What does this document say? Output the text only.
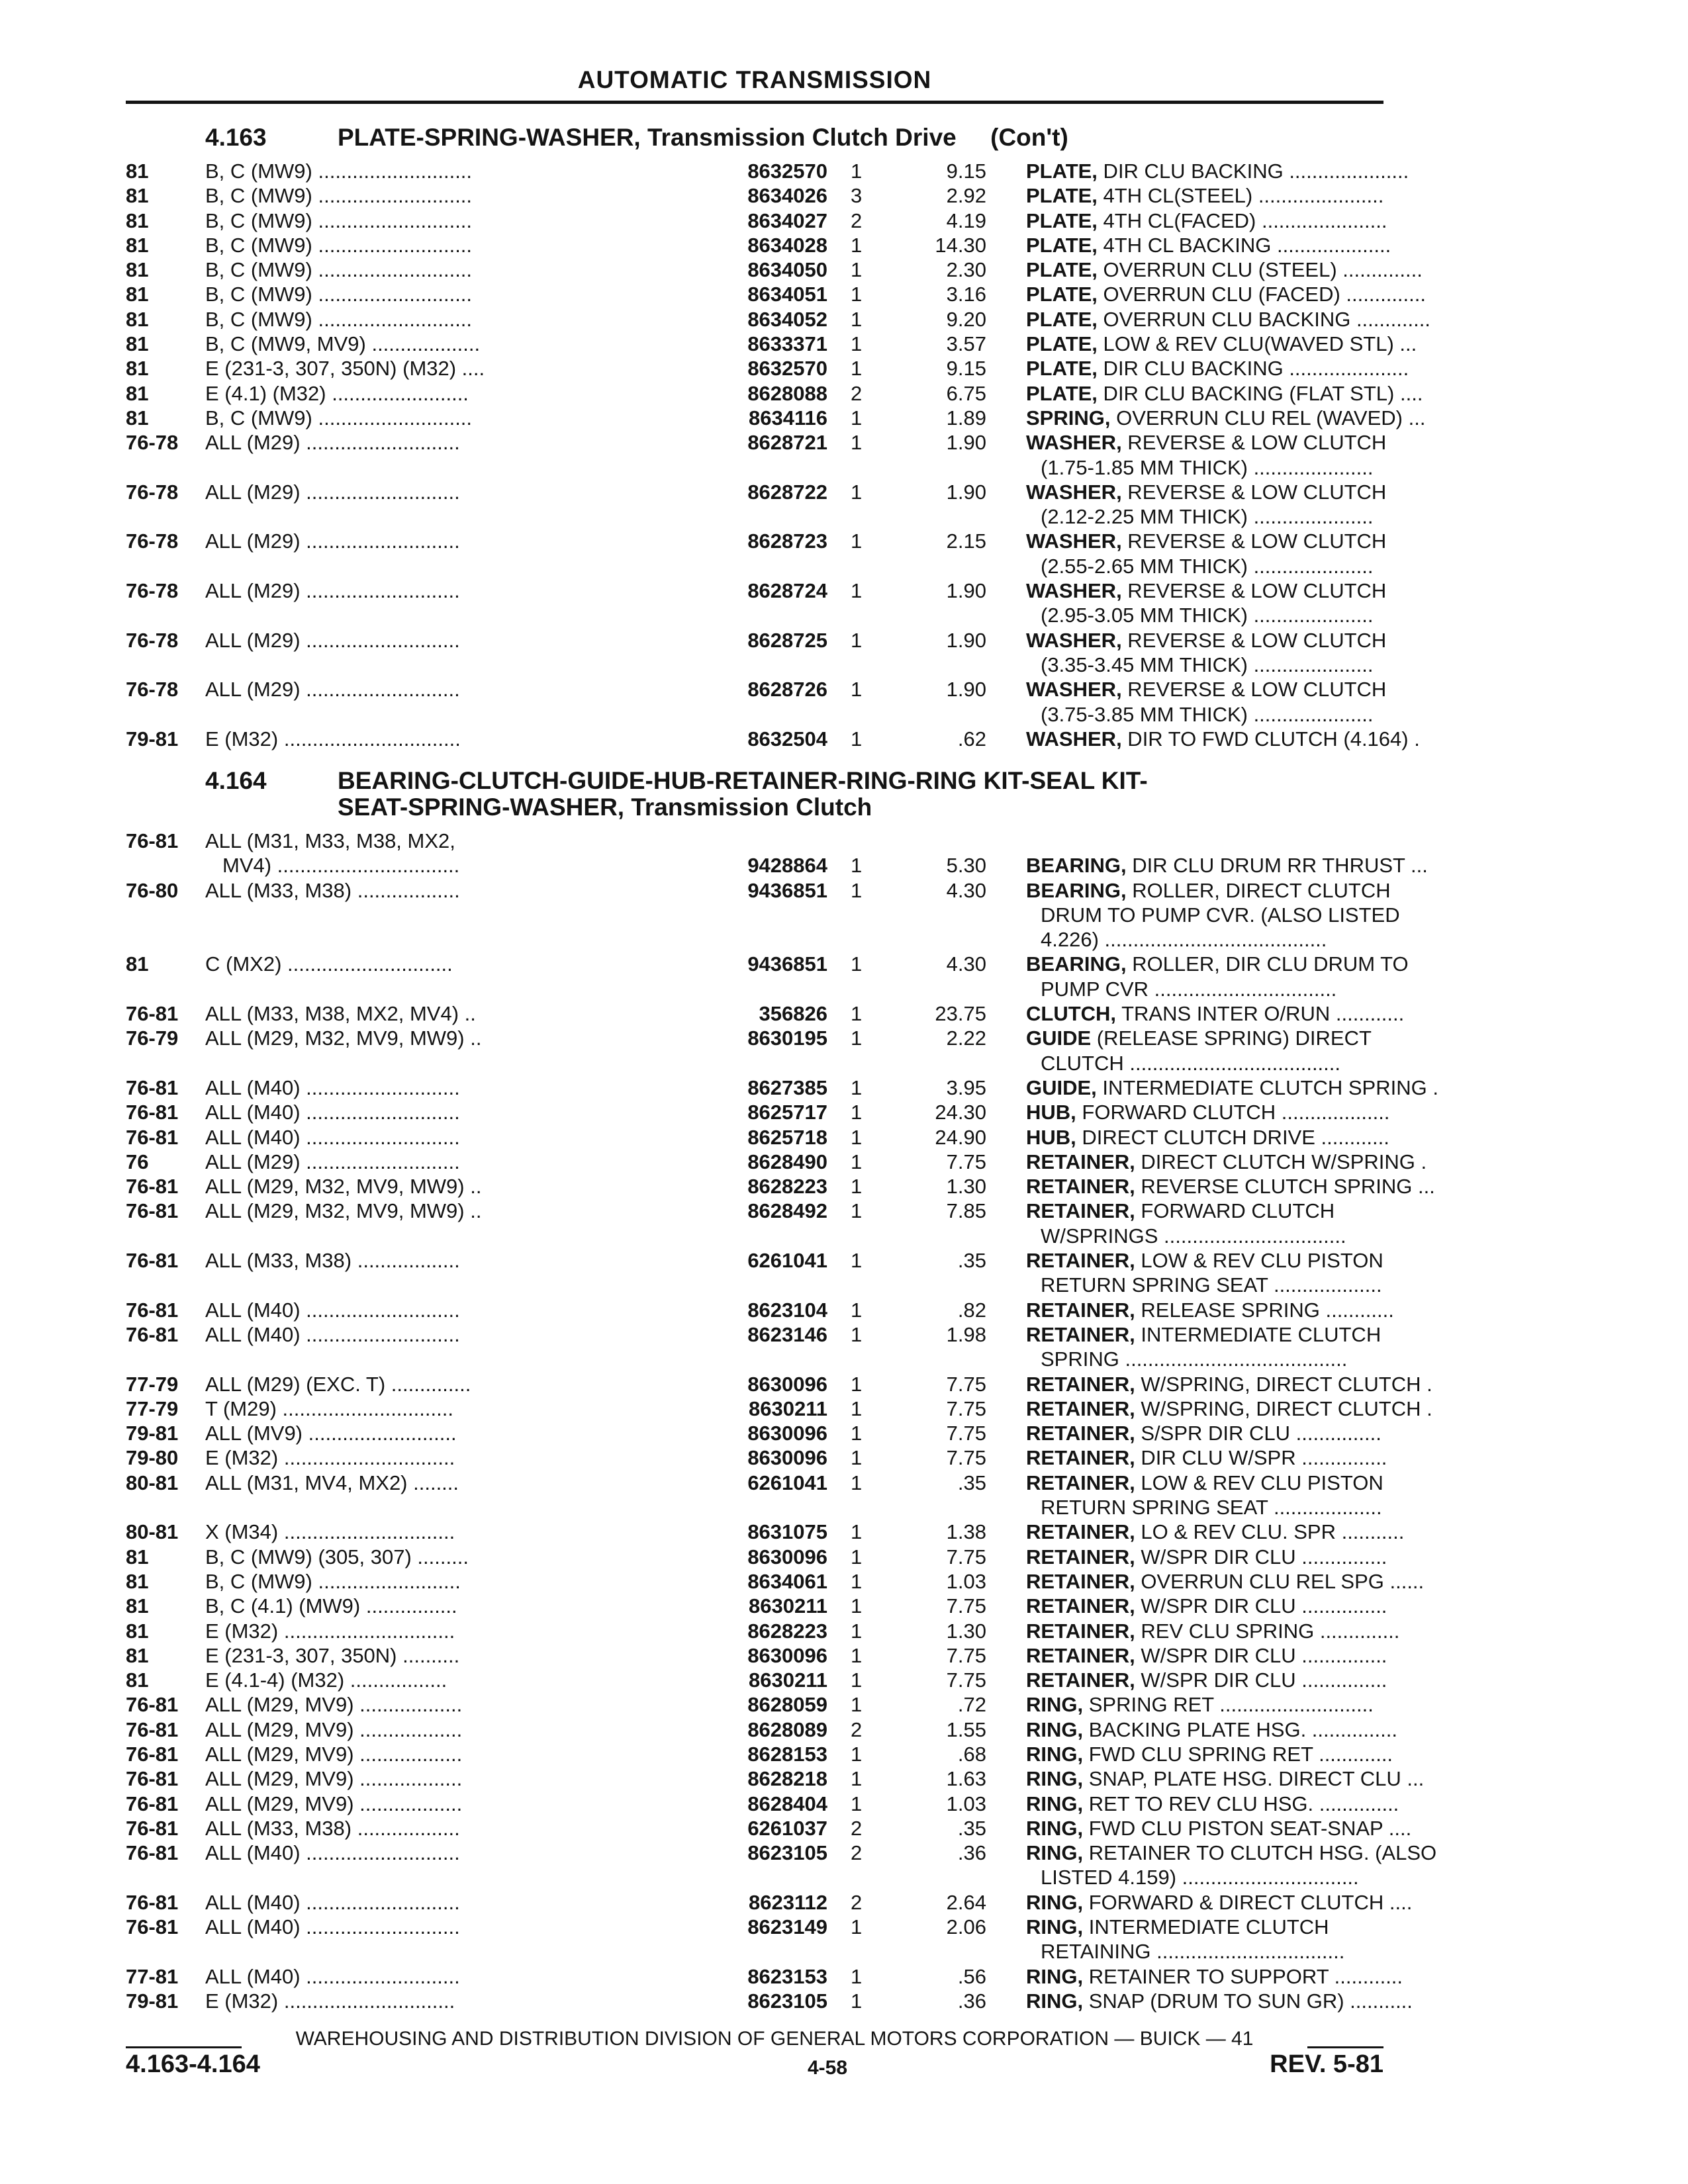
AUTOMATIC TRANSMISSION
4.163	PLATE-SPRING-WASHER, Transmission Clutch Drive     (Con't)
81	B, C (MW9) ...........................	8632570 1	9.15 PLATE, DIR CLU BACKING .....................
81	B, C (MW9) ...........................	8634026 3	2.92 PLATE, 4TH CL(STEEL) ......................
81	B, C (MW9) ...........................	8634027 2	4.19 PLATE, 4TH CL(FACED) ......................
81	B, C (MW9) ...........................	8634028 1	14.30 PLATE, 4TH CL BACKING ....................
81	B, C (MW9) ...........................	8634050 1	2.30 PLATE, OVERRUN CLU (STEEL) ..............
81	B, C (MW9) ...........................	8634051 1	3.16 PLATE, OVERRUN CLU (FACED) ..............
81	B, C (MW9) ...........................	8634052 1	9.20 PLATE, OVERRUN CLU BACKING .............
81	B, C (MW9, MV9) ...................	8633371 1	3.57 PLATE, LOW & REV CLU(WAVED STL) ...
81	E (231-3, 307, 350N) (M32) ....	8632570 1	9.15 PLATE, DIR CLU BACKING .....................
81	E (4.1) (M32) ........................	8628088 2	6.75 PLATE, DIR CLU BACKING (FLAT STL) ....
81	B, C (MW9) ...........................	8634116 1	1.89 SPRING, OVERRUN CLU REL (WAVED) ...
76-78 ALL (M29) ...........................	8628721 1	1.90 WASHER, REVERSE & LOW CLUTCH
(1.75-1.85 MM THICK) .....................
76-78 ALL (M29) ...........................	8628722 1	1.90 WASHER, REVERSE & LOW CLUTCH
(2.12-2.25 MM THICK) .....................
76-78 ALL (M29) ...........................	8628723 1	2.15 WASHER, REVERSE & LOW CLUTCH
(2.55-2.65 MM THICK) .....................
76-78 ALL (M29) ...........................	8628724 1	1.90 WASHER, REVERSE & LOW CLUTCH
(2.95-3.05 MM THICK) .....................
76-78 ALL (M29) ...........................	8628725 1	1.90 WASHER, REVERSE & LOW CLUTCH
(3.35-3.45 MM THICK) .....................
76-78 ALL (M29) ...........................	8628726 1	1.90 WASHER, REVERSE & LOW CLUTCH
(3.75-3.85 MM THICK) .....................
79-81 E (M32) ...............................	8632504 1	.62 WASHER, DIR TO FWD CLUTCH (4.164) .
4.164	BEARING-CLUTCH-GUIDE-HUB-RETAINER-RING-RING KIT-SEAL KIT-
SEAT-SPRING-WASHER, Transmission Clutch
76-81 ALL (M31, M33, M38, MX2,
MV4) ................................	9428864 1	5.30 BEARING, DIR CLU DRUM RR THRUST ...
76-80 ALL (M33, M38) ..................	9436851 1	4.30 BEARING, ROLLER, DIRECT CLUTCH
DRUM TO PUMP CVR. (ALSO LISTED
4.226) .......................................
81	C (MX2) .............................	9436851 1	4.30 BEARING, ROLLER, DIR CLU DRUM TO
PUMP CVR ................................
76-81 ALL (M33, M38, MX2, MV4) ..	356826 1	23.75 CLUTCH, TRANS INTER O/RUN ............
76-79 ALL (M29, M32, MV9, MW9) ..	8630195 1	2.22 GUIDE (RELEASE SPRING) DIRECT
CLUTCH .....................................
76-81 ALL (M40) ...........................	8627385 1	3.95 GUIDE, INTERMEDIATE CLUTCH SPRING .
76-81 ALL (M40) ...........................	8625717 1	24.30 HUB, FORWARD CLUTCH ...................
76-81 ALL (M40) ...........................	8625718 1	24.90 HUB, DIRECT CLUTCH DRIVE ............
76	ALL (M29) ...........................	8628490 1	7.75 RETAINER, DIRECT CLUTCH W/SPRING .
76-81 ALL (M29, M32, MV9, MW9) ..	8628223 1	1.30 RETAINER, REVERSE CLUTCH SPRING ...
76-81 ALL (M29, M32, MV9, MW9) ..	8628492 1	7.85 RETAINER, FORWARD CLUTCH
W/SPRINGS ................................
76-81 ALL (M33, M38) ..................	6261041 1	.35 RETAINER, LOW & REV CLU PISTON
RETURN SPRING SEAT ...................
76-81 ALL (M40) ...........................	8623104 1	.82 RETAINER, RELEASE SPRING ............
76-81 ALL (M40) ...........................	8623146 1	1.98 RETAINER, INTERMEDIATE CLUTCH
SPRING .......................................
77-79 ALL (M29) (EXC. T) ..............	8630096 1	7.75 RETAINER, W/SPRING, DIRECT CLUTCH .
77-79 T (M29) ..............................	8630211 1	7.75 RETAINER, W/SPRING, DIRECT CLUTCH .
79-81 ALL (MV9) ..........................	8630096 1	7.75 RETAINER, S/SPR DIR CLU ...............
79-80 E (M32) ..............................	8630096 1	7.75 RETAINER, DIR CLU W/SPR ...............
80-81 ALL (M31, MV4, MX2) ........	6261041 1	.35 RETAINER, LOW & REV CLU PISTON
RETURN SPRING SEAT ...................
80-81 X (M34) ..............................	8631075 1	1.38 RETAINER, LO & REV CLU. SPR ...........
81	B, C (MW9) (305, 307) .........	8630096 1	7.75 RETAINER, W/SPR DIR CLU ...............
81	B, C (MW9) .........................	8634061 1	1.03 RETAINER, OVERRUN CLU REL SPG ......
81	B, C (4.1) (MW9) ................	8630211 1	7.75 RETAINER, W/SPR DIR CLU ...............
81	E (M32) ..............................	8628223 1	1.30 RETAINER, REV CLU SPRING ..............
81	E (231-3, 307, 350N) ..........	8630096 1	7.75 RETAINER, W/SPR DIR CLU ...............
81	E (4.1-4) (M32) .................	8630211 1	7.75 RETAINER, W/SPR DIR CLU ...............
76-81 ALL (M29, MV9) ..................	8628059 1	.72 RING, SPRING RET ...........................
76-81 ALL (M29, MV9) ..................	8628089 2	1.55 RING, BACKING PLATE HSG. ...............
76-81 ALL (M29, MV9) ..................	8628153 1	.68 RING, FWD CLU SPRING RET .............
76-81 ALL (M29, MV9) ..................	8628218 1	1.63 RING, SNAP, PLATE HSG. DIRECT CLU ...
76-81 ALL (M29, MV9) ..................	8628404 1	1.03 RING, RET TO REV CLU HSG. ..............
76-81 ALL (M33, M38) ..................	6261037 2	.35 RING, FWD CLU PISTON SEAT-SNAP ....
76-81 ALL (M40) ...........................	8623105 2	.36 RING, RETAINER TO CLUTCH HSG. (ALSO
LISTED 4.159) ...............................
76-81 ALL (M40) ...........................	8623112 2	2.64 RING, FORWARD & DIRECT CLUTCH ....
76-81 ALL (M40) ...........................	8623149 1	2.06 RING, INTERMEDIATE CLUTCH
RETAINING .................................
77-81 ALL (M40) ...........................	8623153 1	.56 RING, RETAINER TO SUPPORT ............
79-81 E (M32) ..............................	8623105 1	.36 RING, SNAP (DRUM TO SUN GR) ...........
WAREHOUSING AND DISTRIBUTION DIVISION OF GENERAL MOTORS CORPORATION — BUICK — 41
4.163-4.164	4-58	REV. 5-81
